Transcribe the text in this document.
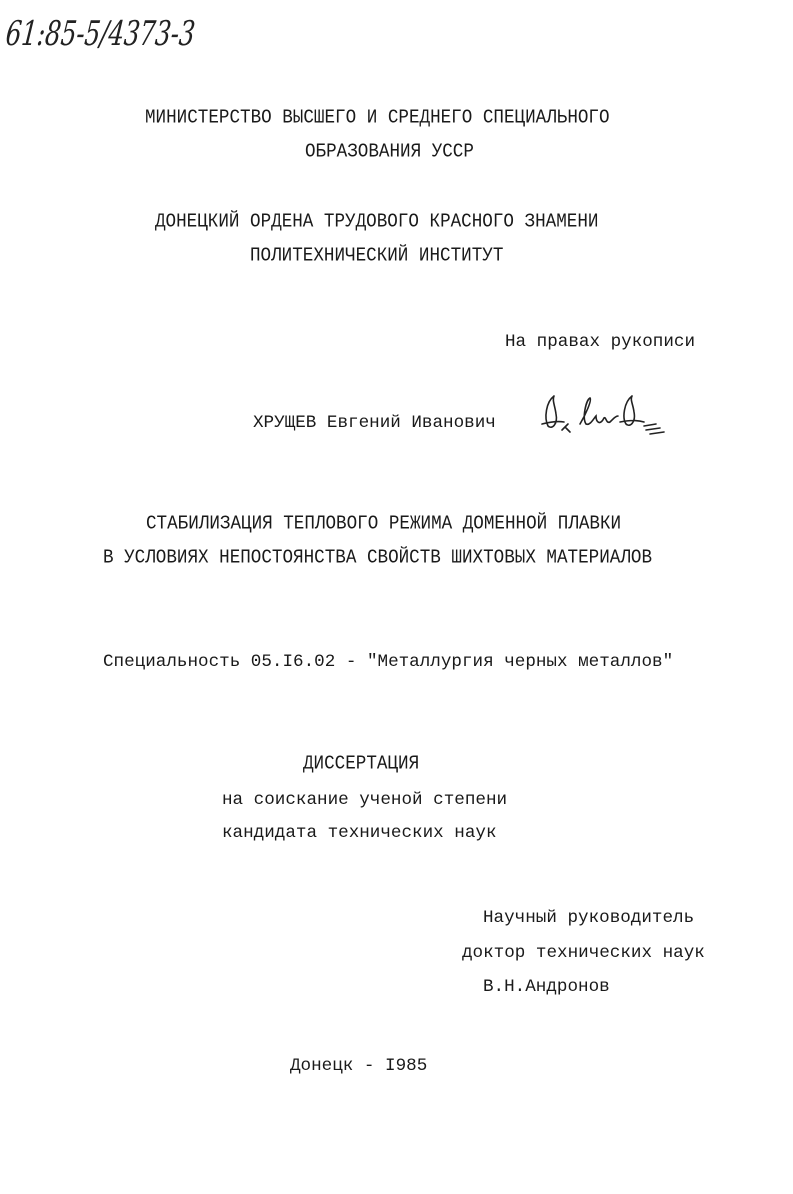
61:85-5/4373-3
МИНИСТЕРСТВО ВЫСШЕГО И СРЕДНЕГО СПЕЦИАЛЬНОГО
ОБРАЗОВАНИЯ УССР
ДОНЕЦКИЙ ОРДЕНА ТРУДОВОГО КРАСНОГО ЗНАМЕНИ
ПОЛИТЕХНИЧЕСКИЙ ИНСТИТУТ
На правах рукописи
ХРУЩЕВ Евгений Иванович
СТАБИЛИЗАЦИЯ ТЕПЛОВОГО РЕЖИМА ДОМЕННОЙ ПЛАВКИ
В УСЛОВИЯХ НЕПОСТОЯНСТВА СВОЙСТВ ШИХТОВЫХ МАТЕРИАЛОВ
Специальность 05.I6.02 - "Металлургия черных металлов"
ДИССЕРТАЦИЯ
на соискание ученой степени
кандидата технических наук
Научный руководитель
доктор технических наук
В.Н.Андронов
Донецк - I985
